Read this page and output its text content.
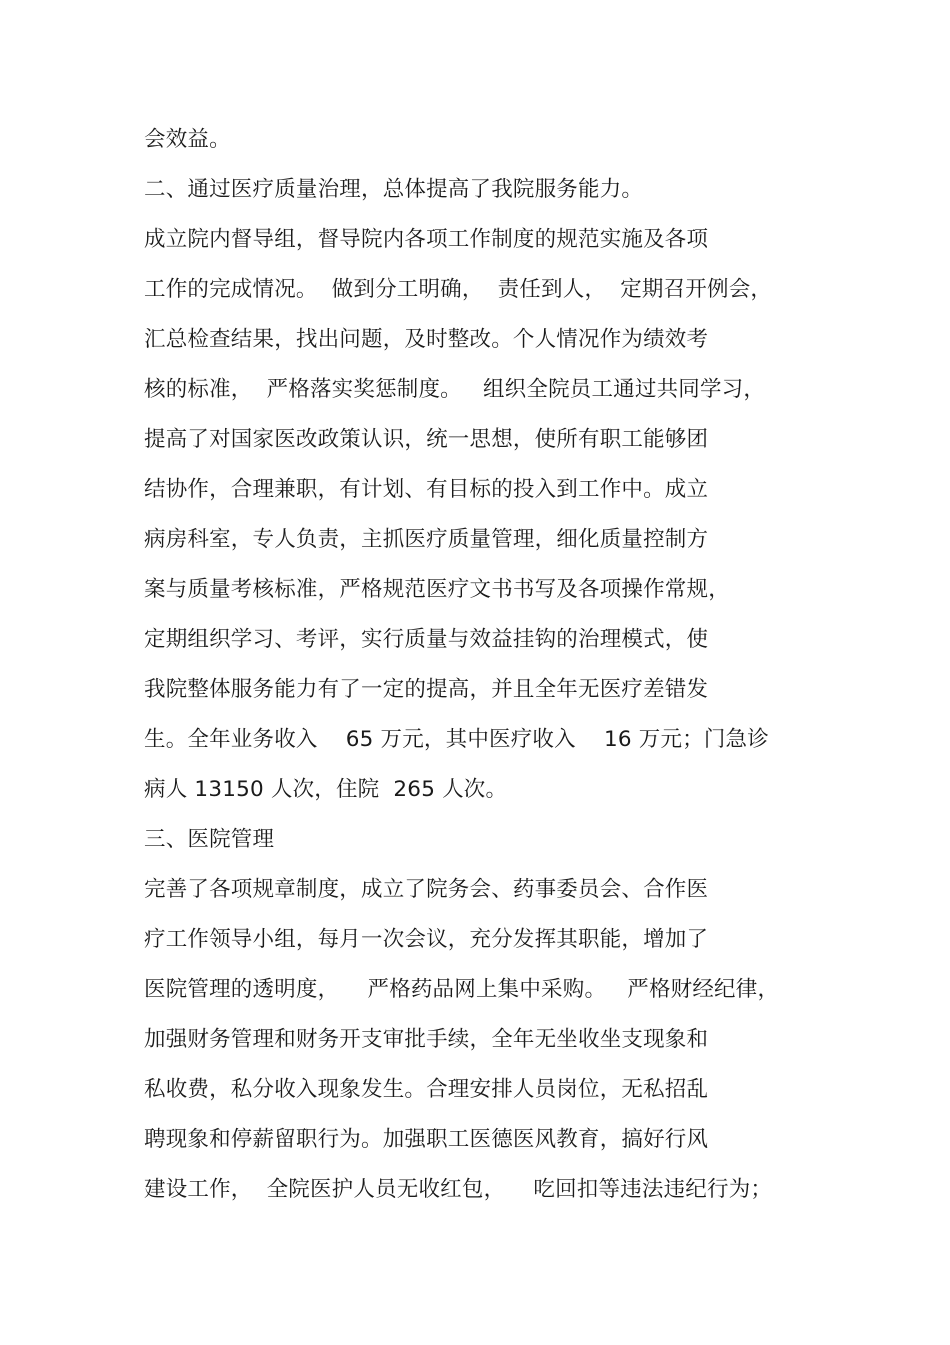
会效益。
二、通过医疗质量治理，总体提高了我院服务能力。
成立院内督导组，督导院内各项工作制度的规范实施及各项
工作的完成情况。  做到分工明确，  责任到人，  定期召开例会，
汇总检查结果，找出问题，及时整改。个人情况作为绩效考
核的标准，  严格落实奖惩制度。   组织全院员工通过共同学习，
提高了对国家医改政策认识，统一思想，使所有职工能够团
结协作，合理兼职，有计划、有目标的投入到工作中。成立
病房科室，专人负责，主抓医疗质量管理，细化质量控制方
案与质量考核标准，严格规范医疗文书书写及各项操作常规，
定期组织学习、考评，实行质量与效益挂钩的治理模式，使
我院整体服务能力有了一定的提高，并且全年无医疗差错发
生。全年业务收入    65 万元，其中医疗收入    16 万元；门急诊
病人 13150 人次，住院  265 人次。
三、医院管理
完善了各项规章制度，成立了院务会、药事委员会、合作医
疗工作领导小组，每月一次会议，充分发挥其职能，增加了
医院管理的透明度，    严格药品网上集中采购。   严格财经纪律，
加强财务管理和财务开支审批手续，全年无坐收坐支现象和
私收费，私分收入现象发生。合理安排人员岗位，无私招乱
聘现象和停薪留职行为。加强职工医德医风教育，搞好行风
建设工作，  全院医护人员无收红包，    吃回扣等违法违纪行为；
